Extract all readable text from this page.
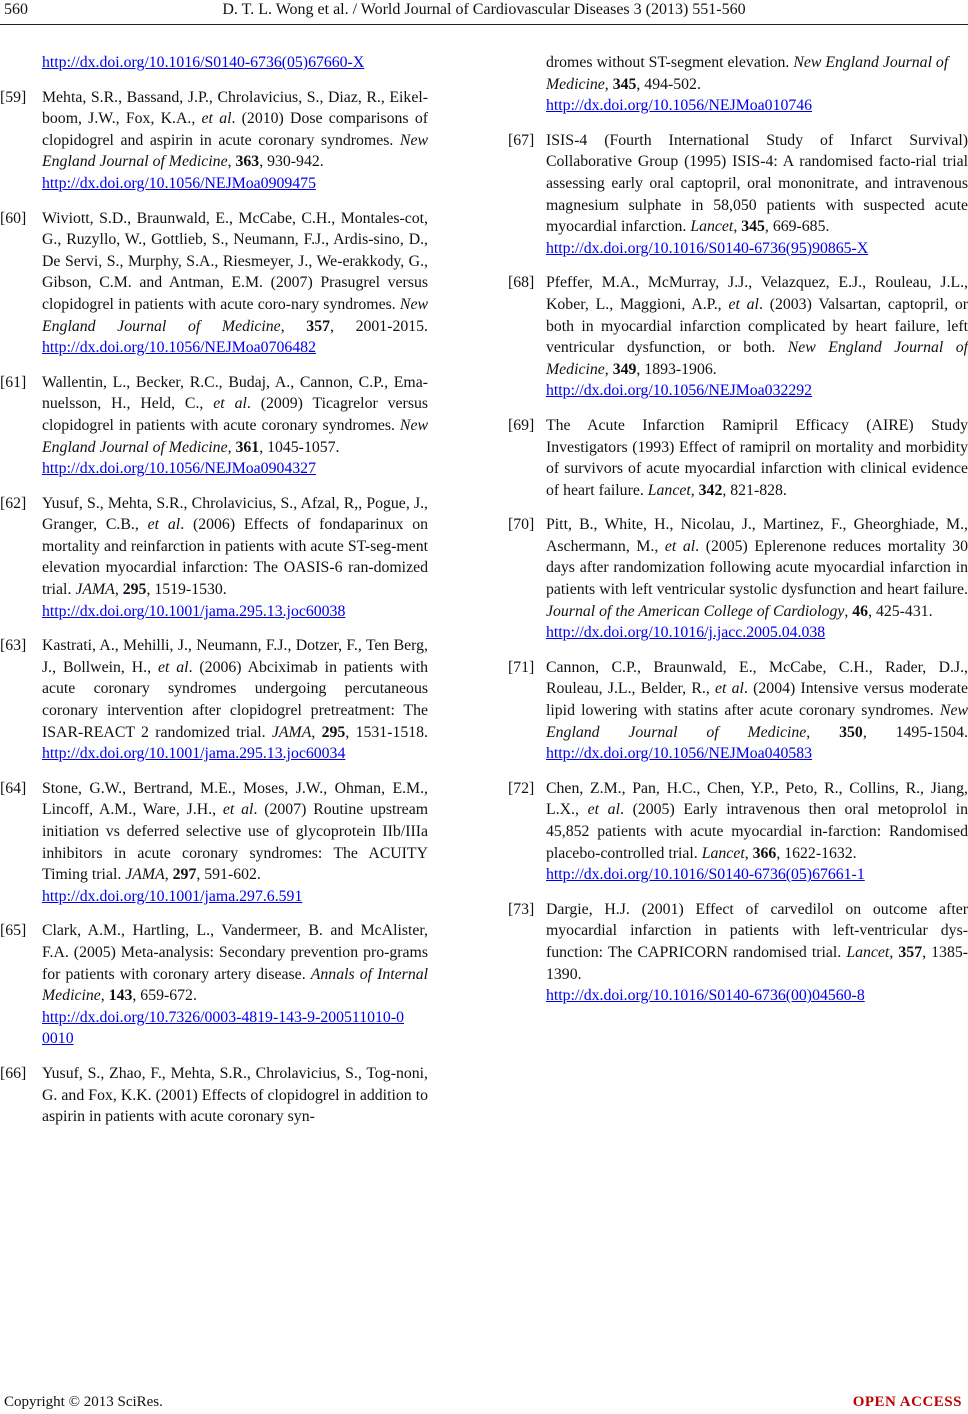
560	D. T. L. Wong et al. / World Journal of Cardiovascular Diseases 3 (2013) 551-560
http://dx.doi.org/10.1016/S0140-6736(05)67660-X
[59] Mehta, S.R., Bassand, J.P., Chrolavicius, S., Diaz, R., Eikel-boom, J.W., Fox, K.A., et al. (2010) Dose comparisons of clopidogrel and aspirin in acute coronary syndromes. New England Journal of Medicine, 363, 930-942.
http://dx.doi.org/10.1056/NEJMoa0909475
[60] Wiviott, S.D., Braunwald, E., McCabe, C.H., Montales-cot, G., Ruzyllo, W., Gottlieb, S., Neumann, F.J., Ardis-sino, D., De Servi, S., Murphy, S.A., Riesmeyer, J., We-erakkody, G., Gibson, C.M. and Antman, E.M. (2007) Prasugrel versus clopidogrel in patients with acute coro-nary syndromes. New England Journal of Medicine, 357, 2001-2015. http://dx.doi.org/10.1056/NEJMoa0706482
[61] Wallentin, L., Becker, R.C., Budaj, A., Cannon, C.P., Ema-nuelsson, H., Held, C., et al. (2009) Ticagrelor versus clopidogrel in patients with acute coronary syndromes. New England Journal of Medicine, 361, 1045-1057.
http://dx.doi.org/10.1056/NEJMoa0904327
[62] Yusuf, S., Mehta, S.R., Chrolavicius, S., Afzal, R,, Pogue, J., Granger, C.B., et al. (2006) Effects of fondaparinux on mortality and reinfarction in patients with acute ST-seg-ment elevation myocardial infarction: The OASIS-6 ran-domized trial. JAMA, 295, 1519-1530.
http://dx.doi.org/10.1001/jama.295.13.joc60038
[63] Kastrati, A., Mehilli, J., Neumann, F.J., Dotzer, F., Ten Berg, J., Bollwein, H., et al. (2006) Abciximab in patients with acute coronary syndromes undergoing percutaneous coronary intervention after clopidogrel pretreatment: The ISAR-REACT 2 randomized trial. JAMA, 295, 1531-1518. http://dx.doi.org/10.1001/jama.295.13.joc60034
[64] Stone, G.W., Bertrand, M.E., Moses, J.W., Ohman, E.M., Lincoff, A.M., Ware, J.H., et al. (2007) Routine upstream initiation vs deferred selective use of glycoprotein IIb/IIIa inhibitors in acute coronary syndromes: The ACUITY Timing trial. JAMA, 297, 591-602.
http://dx.doi.org/10.1001/jama.297.6.591
[65] Clark, A.M., Hartling, L., Vandermeer, B. and McAlister, F.A. (2005) Meta-analysis: Secondary prevention pro-grams for patients with coronary artery disease. Annals of Internal Medicine, 143, 659-672.
http://dx.doi.org/10.7326/0003-4819-143-9-200511010-0 0010
[66] Yusuf, S., Zhao, F., Mehta, S.R., Chrolavicius, S., Tog-noni, G. and Fox, K.K. (2001) Effects of clopidogrel in addition to aspirin in patients with acute coronary syn-
dromes without ST-segment elevation. New England Journal of Medicine, 345, 494-502.
http://dx.doi.org/10.1056/NEJMoa010746
[67] ISIS-4 (Fourth International Study of Infarct Survival) Collaborative Group (1995) ISIS-4: A randomised facto-rial trial assessing early oral captopril, oral mononitrate, and intravenous magnesium sulphate in 58,050 patients with suspected acute myocardial infarction. Lancet, 345, 669-685.
http://dx.doi.org/10.1016/S0140-6736(95)90865-X
[68] Pfeffer, M.A., McMurray, J.J., Velazquez, E.J., Rouleau, J.L., Kober, L., Maggioni, A.P., et al. (2003) Valsartan, captopril, or both in myocardial infarction complicated by heart failure, left ventricular dysfunction, or both. New England Journal of Medicine, 349, 1893-1906.
http://dx.doi.org/10.1056/NEJMoa032292
[69] The Acute Infarction Ramipril Efficacy (AIRE) Study Investigators (1993) Effect of ramipril on mortality and morbidity of survivors of acute myocardial infarction with clinical evidence of heart failure. Lancet, 342, 821-828.
[70] Pitt, B., White, H., Nicolau, J., Martinez, F., Gheorghiade, M., Aschermann, M., et al. (2005) Eplerenone reduces mortality 30 days after randomization following acute myocardial infarction in patients with left ventricular systolic dysfunction and heart failure. Journal of the American College of Cardiology, 46, 425-431.
http://dx.doi.org/10.1016/j.jacc.2005.04.038
[71] Cannon, C.P., Braunwald, E., McCabe, C.H., Rader, D.J., Rouleau, J.L., Belder, R., et al. (2004) Intensive versus moderate lipid lowering with statins after acute coronary syndromes. New England Journal of Medicine, 350, 1495-1504. http://dx.doi.org/10.1056/NEJMoa040583
[72] Chen, Z.M., Pan, H.C., Chen, Y.P., Peto, R., Collins, R., Jiang, L.X., et al. (2005) Early intravenous then oral metoprolol in 45,852 patients with acute myocardial in-farction: Randomised placebo-controlled trial. Lancet, 366, 1622-1632.
http://dx.doi.org/10.1016/S0140-6736(05)67661-1
[73] Dargie, H.J. (2001) Effect of carvedilol on outcome after myocardial infarction in patients with left-ventricular dys-function: The CAPRICORN randomised trial. Lancet, 357, 1385-1390.
http://dx.doi.org/10.1016/S0140-6736(00)04560-8
Copyright © 2013 SciRes.	OPEN ACCESS
